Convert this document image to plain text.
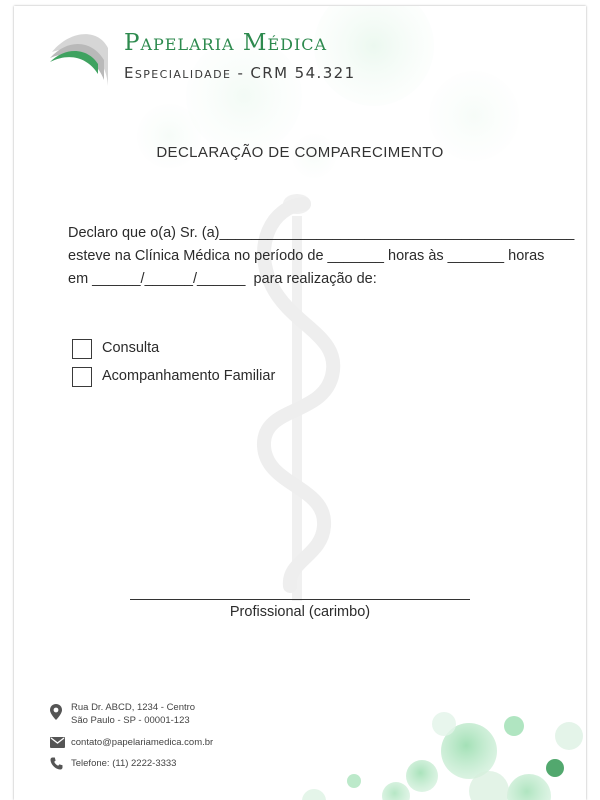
Papelaria Médica
Especialidade - CRM 54.321
DECLARAÇÃO DE COMPARECIMENTO
Declaro que o(a) Sr. (a)____________________________________________
esteve na Clínica Médica no período de _______ horas às _______ horas
em ______/______/______  para realização de:
Consulta
Acompanhamento Familiar
Profissional (carimbo)
Rua Dr. ABCD, 1234 - Centro
São Paulo - SP - 00001-123
contato@papelariamedica.com.br
Telefone: (11) 2222-3333
